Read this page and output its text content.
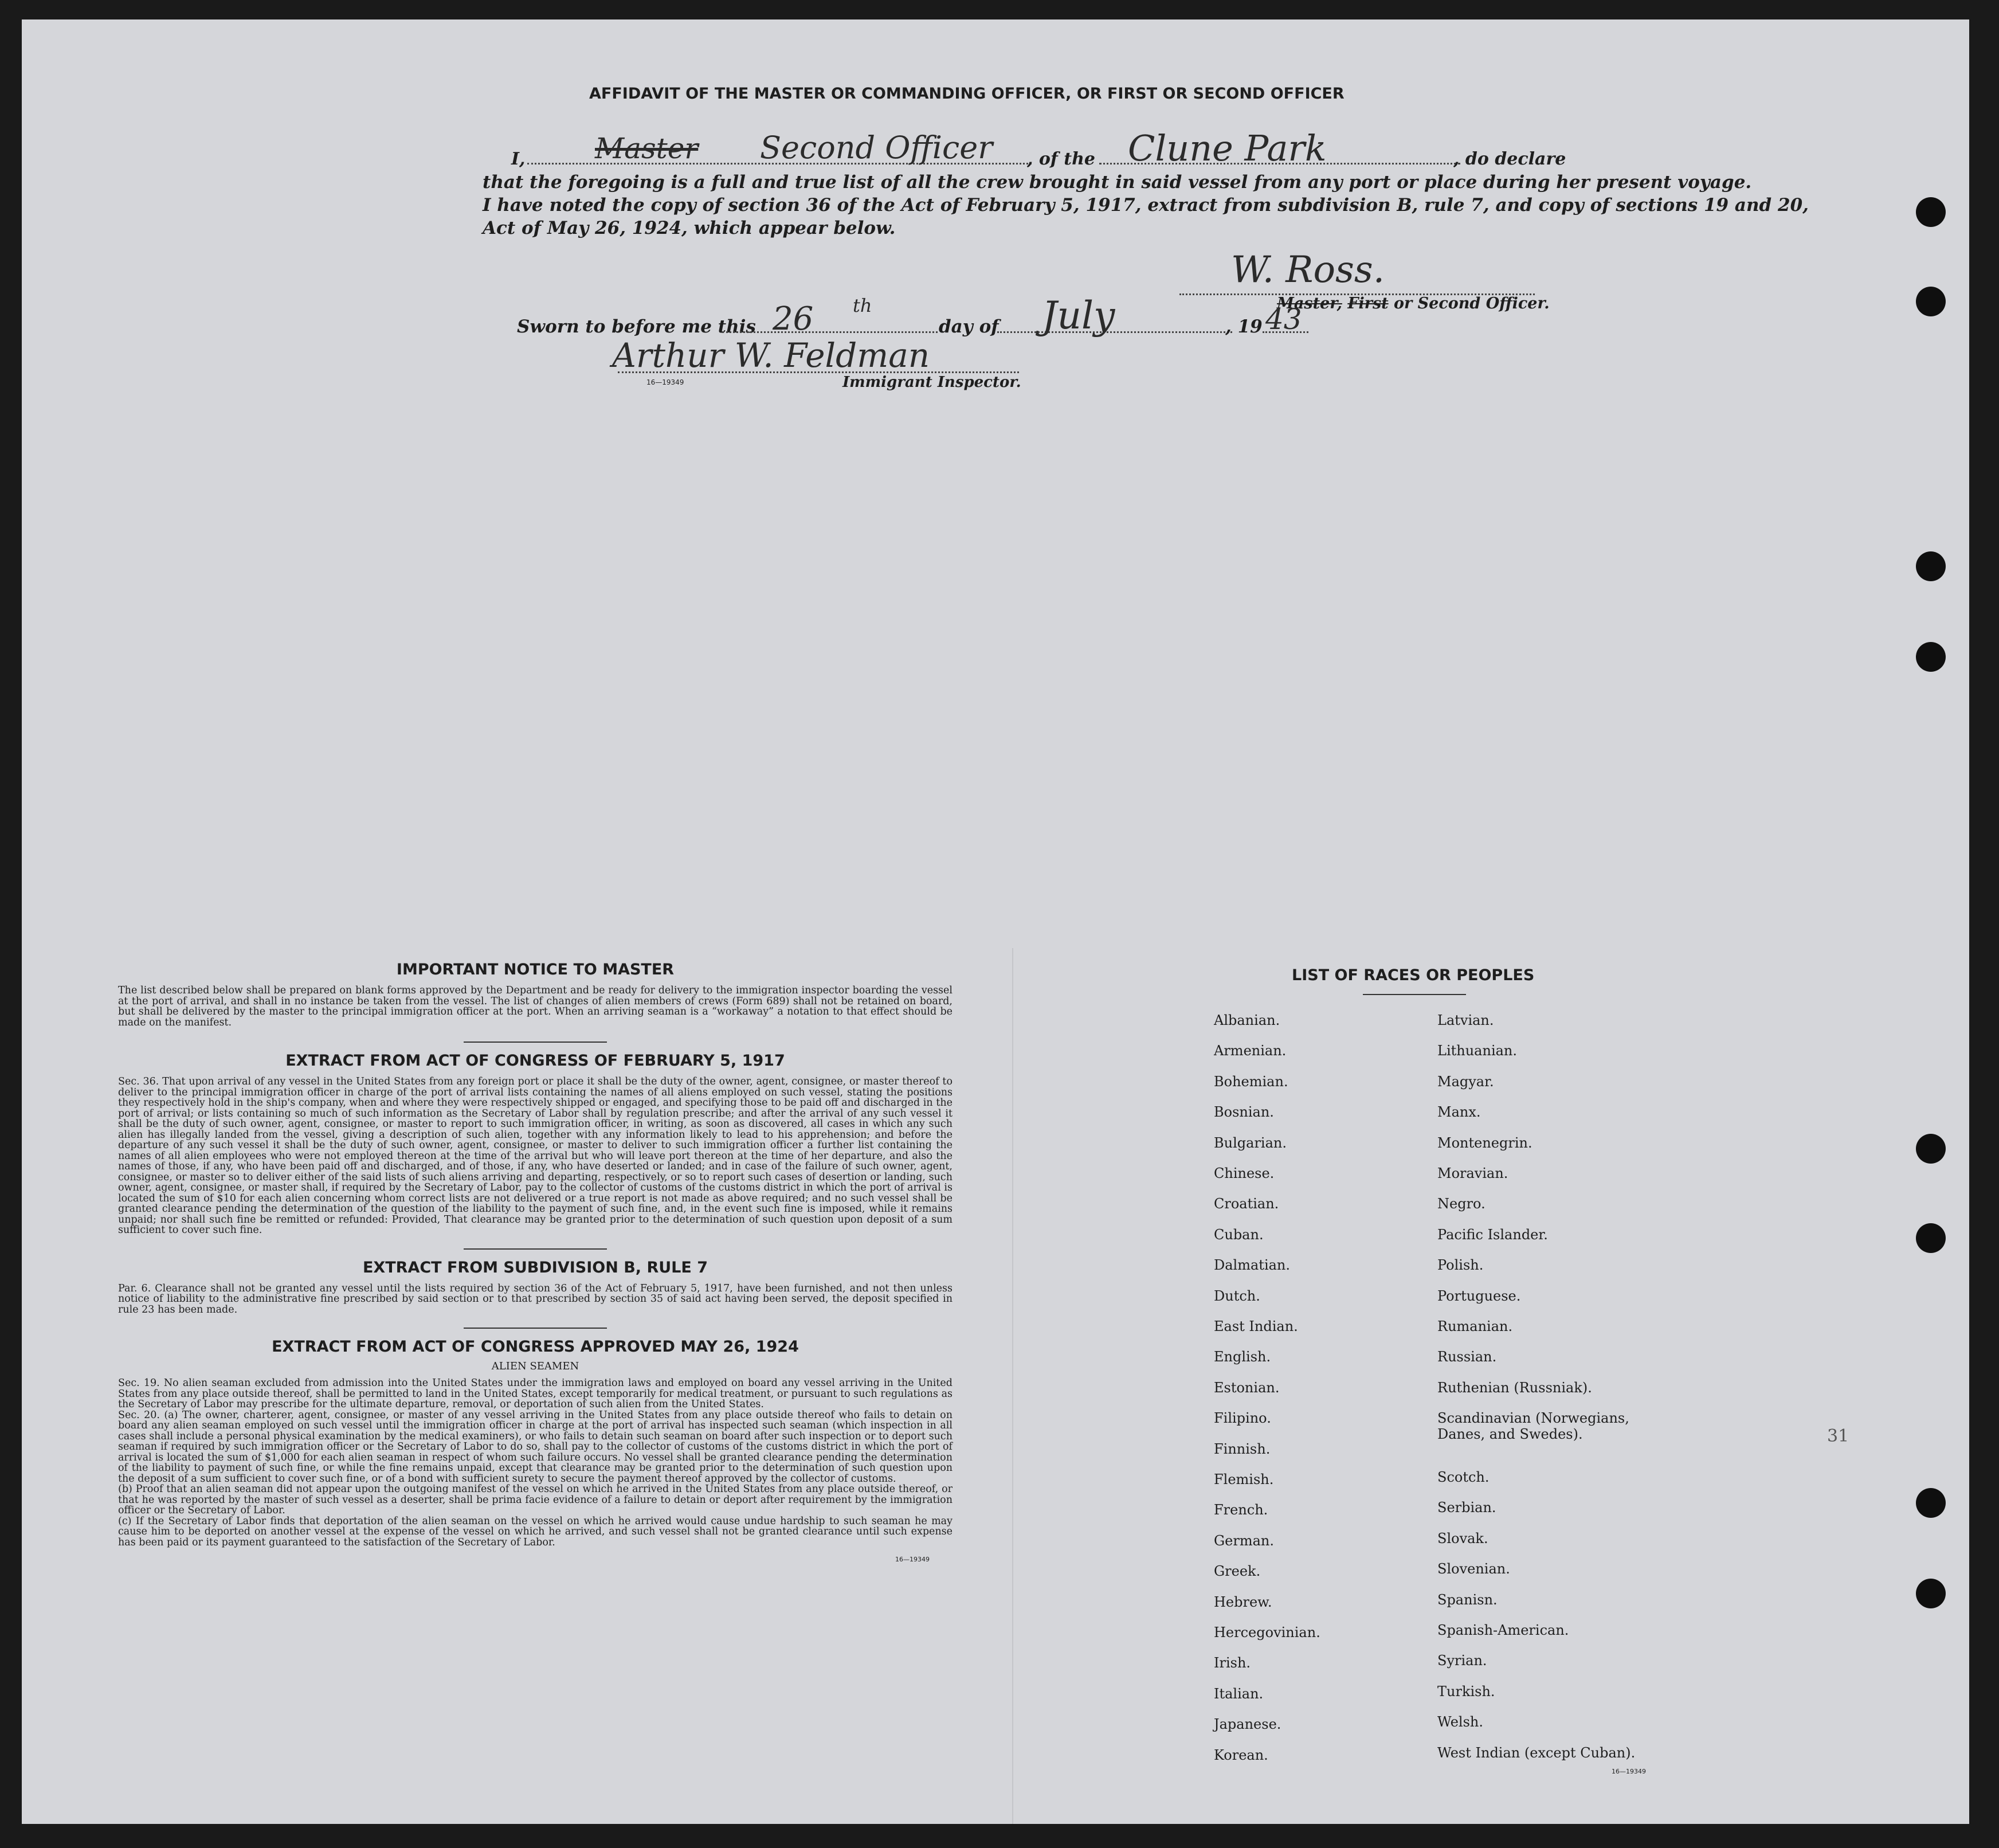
AFFIDAVIT OF THE MASTER OR COMMANDING OFFICER, OR FIRST OR SECOND OFFICER
I, Master Second Officer , of the Clune Park	, do declare
that the foregoing is a full and true list of all the crew brought in said vessel from any port or place during her present voyage.
I have noted the copy of section 36 of the Act of February 5, 1917, extract from subdivision B, rule 7, and copy of sections 19 and 20,
Act of May 26, 1924, which appear below.
W. Ross.
Master, First or Second Officer.
Sworn to before me this 26 th
day of July	, 19 43
Arthur W. Feldman
16—19349	Immigrant Inspector.
IMPORTANT NOTICE TO MASTER

The list described below shall be prepared on blank forms approved by the Department and be ready for delivery to the immigration inspector boarding the vessel at the port of arrival, and shall in no instance be taken from the vessel. The list of changes of alien members of crews (Form 689) shall not be retained on board, but shall be delivered by the master to the principal immigration officer at the port. When an arriving seaman is a “workaway” a notation to that effect should be made on the manifest.

EXTRACT FROM ACT OF CONGRESS OF FEBRUARY 5, 1917

Sec. 36. That upon arrival of any vessel in the United States from any foreign port or place it shall be the duty of the owner, agent, consignee, or master thereof to deliver to the principal immigration officer in charge of the port of arrival lists containing the names of all aliens employed on such vessel, stating the positions they respectively hold in the ship's company, when and where they were respectively shipped or engaged, and specifying those to be paid off and discharged in the port of arrival; or lists containing so much of such information as the Secretary of Labor shall by regulation prescribe; and after the arrival of any such vessel it shall be the duty of such owner, agent, consignee, or master to report to such immigration officer, in writing, as soon as discovered, all cases in which any such alien has illegally landed from the vessel, giving a description of such alien, together with any information likely to lead to his apprehension; and before the departure of any such vessel it shall be the duty of such owner, agent, consignee, or master to deliver to such immigration officer a further list containing the names of all alien employees who were not employed thereon at the time of the arrival but who will leave port thereon at the time of her departure, and also the names of those, if any, who have been paid off and discharged, and of those, if any, who have deserted or landed; and in case of the failure of such owner, agent, consignee, or master so to deliver either of the said lists of such aliens arriving and departing, respectively, or so to report such cases of desertion or landing, such owner, agent, consignee, or master shall, if required by the Secretary of Labor, pay to the collector of customs of the customs district in which the port of arrival is located the sum of $10 for each alien concerning whom correct lists are not delivered or a true report is not made as above required; and no such vessel shall be granted clearance pending the determination of the question of the liability to the payment of such fine, and, in the event such fine is imposed, while it remains unpaid; nor shall such fine be remitted or refunded: Provided, That clearance may be granted prior to the determination of such question upon deposit of a sum sufficient to cover such fine.

EXTRACT FROM SUBDIVISION B, RULE 7

Par. 6. Clearance shall not be granted any vessel until the lists required by section 36 of the Act of February 5, 1917, have been furnished, and not then unless notice of liability to the administrative fine prescribed by said section or to that prescribed by section 35 of said act having been served, the deposit specified in rule 23 has been made.

EXTRACT FROM ACT OF CONGRESS APPROVED MAY 26, 1924
ALIEN SEAMEN

Sec. 19. No alien seaman excluded from admission into the United States under the immigration laws and employed on board any vessel arriving in the United States from any place outside thereof, shall be permitted to land in the United States, except temporarily for medical treatment, or pursuant to such regulations as the Secretary of Labor may prescribe for the ultimate departure, removal, or deportation of such alien from the United States.

Sec. 20. (a) The owner, charterer, agent, consignee, or master of any vessel arriving in the United States from any place outside thereof who fails to detain on board any alien seaman employed on such vessel until the immigration officer in charge at the port of arrival has inspected such seaman (which inspection in all cases shall include a personal physical examination by the medical examiners), or who fails to detain such seaman on board after such inspection or to deport such seaman if required by such immigration officer or the Secretary of Labor to do so, shall pay to the collector of customs of the customs district in which the port of arrival is located the sum of $1,000 for each alien seaman in respect of whom such failure occurs. No vessel shall be granted clearance pending the determination of the liability to payment of such fine, or while the fine remains unpaid, except that clearance may be granted prior to the determination of such question upon the deposit of a sum sufficient to cover such fine, or of a bond with sufficient surety to secure the payment thereof approved by the collector of customs.

(b) Proof that an alien seaman did not appear upon the outgoing manifest of the vessel on which he arrived in the United States from any place outside thereof, or that he was reported by the master of such vessel as a deserter, shall be prima facie evidence of a failure to detain or deport after requirement by the immigration officer or the Secretary of Labor.

(c) If the Secretary of Labor finds that deportation of the alien seaman on the vessel on which he arrived would cause undue hardship to such seaman he may cause him to be deported on another vessel at the expense of the vessel on which he arrived, and such vessel shall not be granted clearance until such expense has been paid or its payment guaranteed to the satisfaction of the Secretary of Labor.

16—19349
LIST OF RACES OR PEOPLES
16—19349
31
Albanian.
Armenian.
Bohemian.
Bosnian.
Bulgarian.
Chinese.
Croatian.
Cuban.
Dalmatian.
Dutch.
East Indian.
English.
Estonian.
Filipino.
Finnish.
Flemish.
French.
German.
Greek.
Hebrew.
Hercegovinian.
Irish.
Italian.
Japanese.
Korean.
Latvian.
Lithuanian.
Magyar.
Manx.
Montenegrin.
Moravian.
Negro.
Pacific Islander.
Polish.
Portuguese.
Rumanian.
Russian.
Ruthenian (Russniak).
Scandinavian (Norwegians, Danes, and Swedes).
Scotch.
Serbian.
Slovak.
Slovenian.
Spanisn.
Spanish-American.
Syrian.
Turkish.
Welsh.
West Indian (except Cuban).
